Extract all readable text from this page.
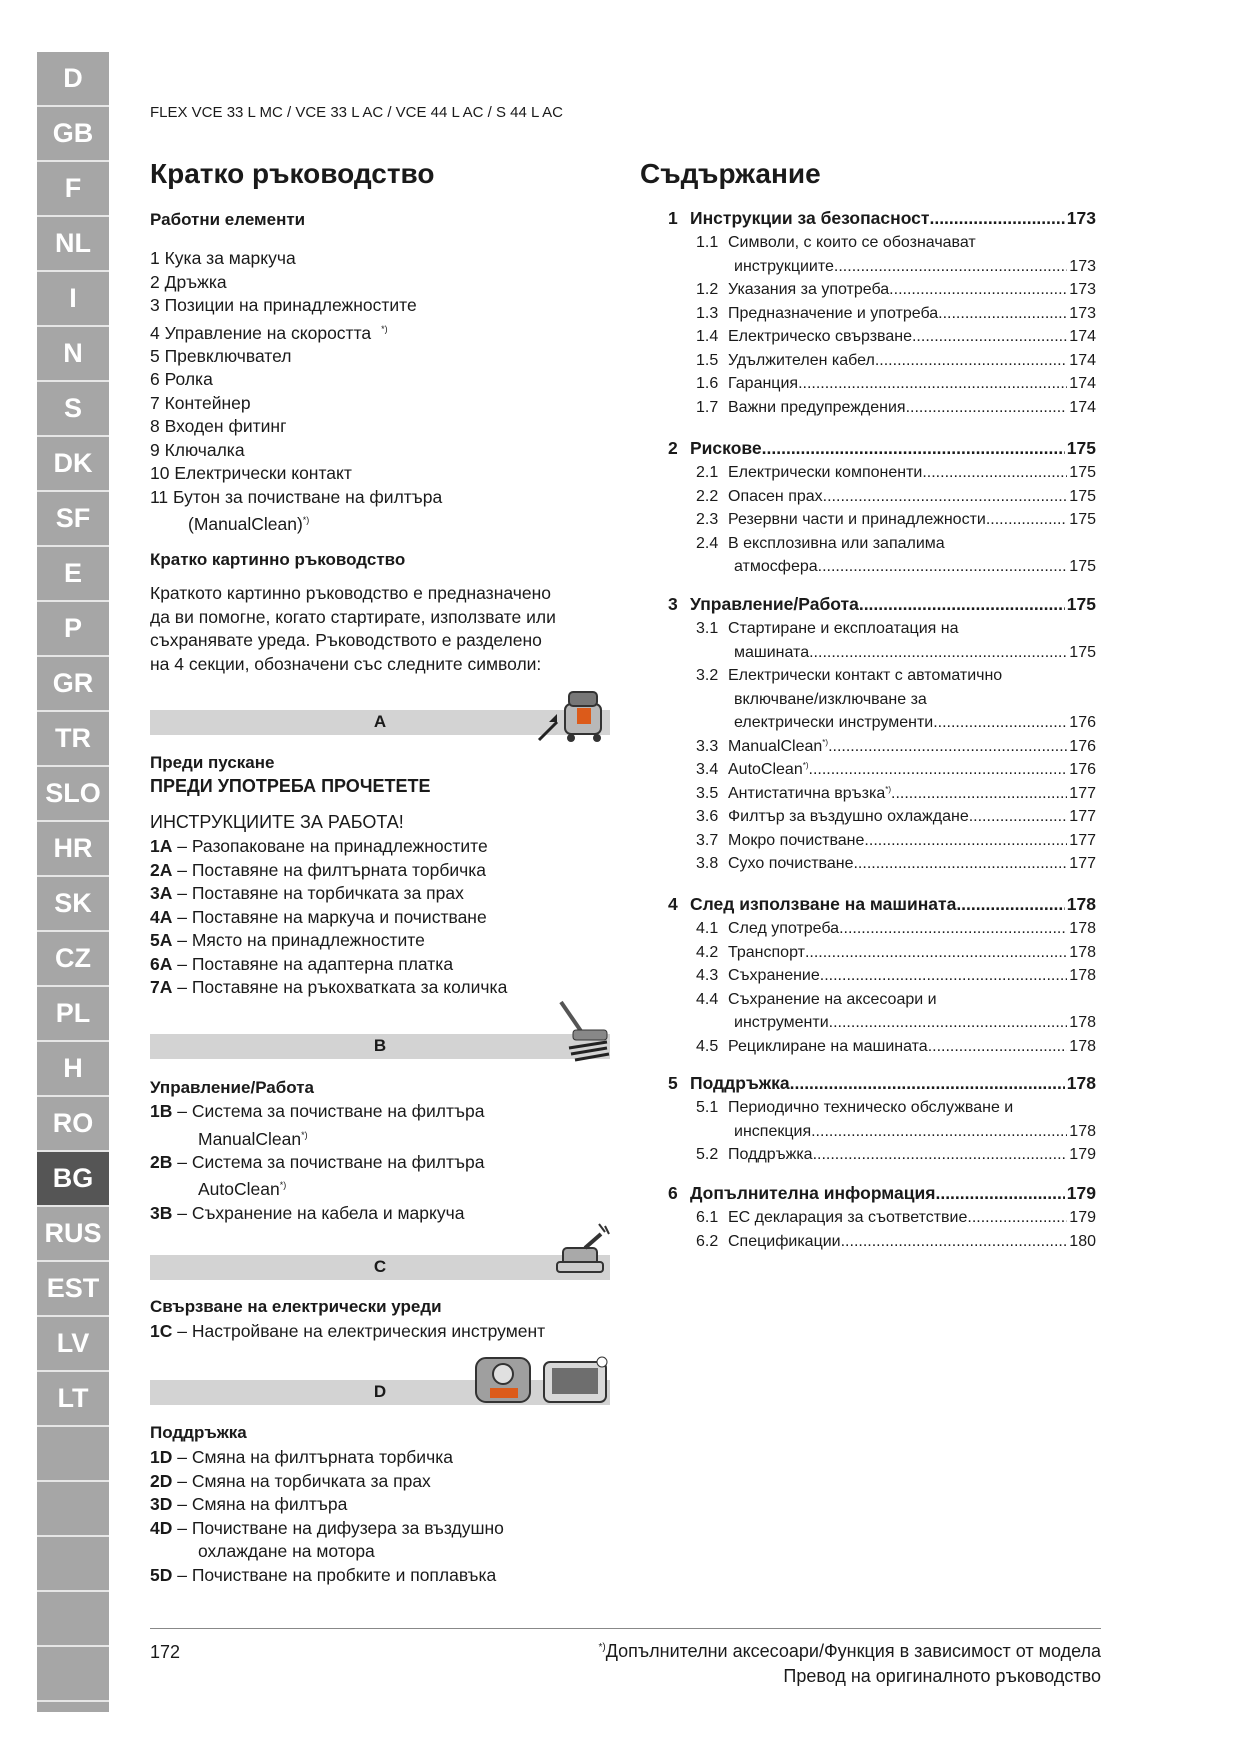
D
GB
F
NL
I
N
S
DK
SF
E
P
GR
TR
SLO
HR
SK
CZ
PL
H
RO
BG
RUS
EST
LV
LT
FLEX VCE 33 L MC / VCE 33 L AC / VCE 44 L AC / S 44 L AC
Кратко ръководство
Работни елементи
1 Кука за маркуча
2 Дръжка
3 Позиции на принадлежностите
4 Управление на скоростта *)
5 Превключвател
6 Ролка
7 Контейнер
8 Входен фитинг
9 Ключалка
10 Електрически контакт
11 Бутон за почистване на филтъра
(ManualClean)*)
Кратко картинно ръководство
Краткото картинно ръководство е предназначено
да ви помогне, когато стартирате, използвате или
съхранявате уреда. Ръководството е разделено
на 4 секции, обозначени със следните символи:
A
Преди пускане
ПРЕДИ УПОТРЕБА ПРОЧЕТЕТЕ
ИНСТРУКЦИИТЕ ЗА РАБОТА!
1A – Разопаковане на принадлежностите
2A – Поставяне на филтърната торбичка
3A – Поставяне на торбичката за прах
4A – Поставяне на маркуча и почистване
5A – Място на принадлежностите
6A – Поставяне на адаптерна платка
7A – Поставяне на ръкохватката за количка
B
Управление/Работа
1B – Система за почистване на филтъра
ManualClean*)
2B – Система за почистване на филтъра
AutoClean*)
3B – Съхранение на кабела и маркуча
C
Свързване на електрически уреди
1C – Настройване на електрическия инструмент
D
Поддръжка
1D – Смяна на филтърната торбичка
2D – Смяна на торбичката за прах
3D – Смяна на филтъра
4D – Почистване на дифузера за въздушно
охлаждане на мотора
5D – Почистване на пробките и поплавъка
Съдържание
1 Инструкции за безопасност .....	173
1.1 Символи, с които се обозначават
инструкциите .....	173
1.2 Указания за употреба .....	173
1.3 Предназначение и употреба .....	173
1.4 Електрическо свързване .....	174
1.5 Удължителен кабел .....	174
1.6 Гаранция .....	174
1.7 Важни предупреждения .....	174
2 Рискове .....	175
2.1 Електрически компоненти .....	175
2.2 Опасен прах .....	175
2.3 Резервни части и принадлежности .....	175
2.4 В експлозивна или запалима
атмосфера .....	175
3 Управление/Работа .....	175
3.1 Стартиране и експлоатация на
машината .....	175
3.2 Електрически контакт с автоматично
включване/изключване за
електрически инструменти .....	176
3.3 ManualClean *) .....	176
3.4 AutoClean *) .....	176
3.5 Антистатична връзка *) .....	177
3.6 Филтър за въздушно охлаждане .....	177
3.7 Мокро почистване .....	177
3.8 Сухо почистване .....	177
4 След използване на машината .....	178
4.1 След употреба .....	178
4.2 Транспорт .....	178
4.3 Съхранение .....	178
4.4 Съхранение на аксесоари и
инструменти .....	178
4.5 Рециклиране на машината .....	178
5 Поддръжка .....	178
5.1 Периодично техническо обслужване и
инспекция .....	178
5.2 Поддръжка .....	179
6 Допълнителна информация .....	179
6.1 ЕС декларация за съответствие .....	179
6.2 Спецификации .....	180
172	*)Допълнителни аксесоари/Функция в зависимост от модела
Превод на оригиналното ръководство
